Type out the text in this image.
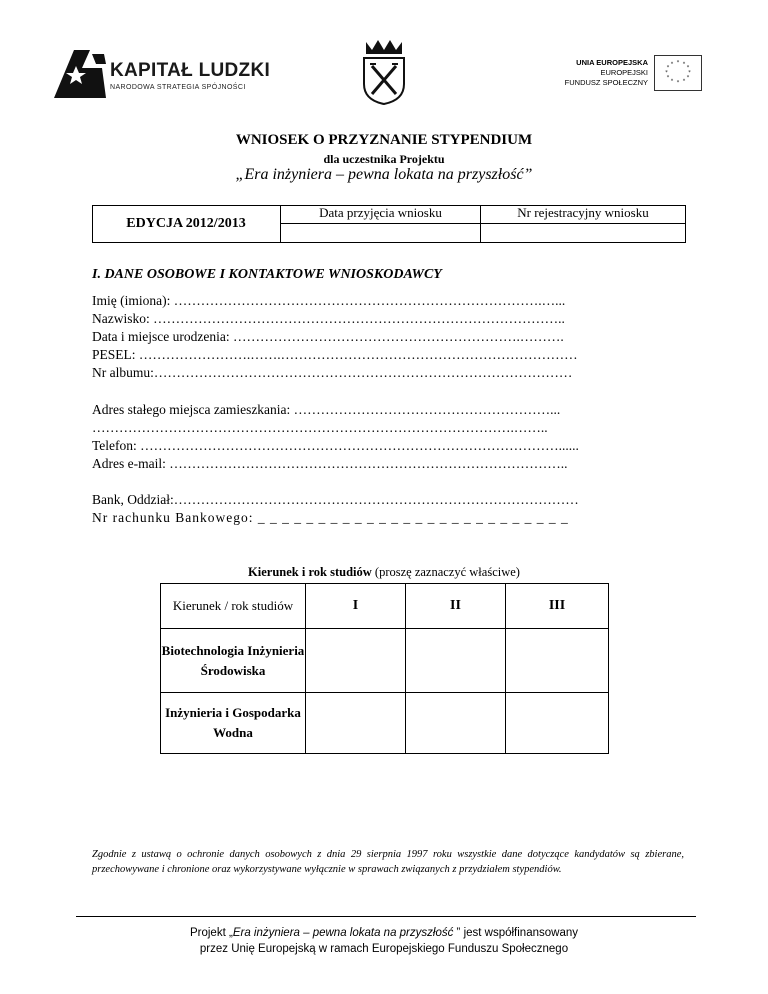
KAPITAŁ LUDZKI
NARODOWA STRATEGIA SPÓJNOŚCI
UNIA EUROPEJSKA
EUROPEJSKI
FUNDUSZ SPOŁECZNY
* *
*
*
*
*
*
*
*
*
*
*
WNIOSEK O PRZYZNANIE STYPENDIUM
dla uczestnika Projektu
„Era inżyniera – pewna lokata na przyszłość”
EDYCJA 2012/2013
Data przyjęcia wniosku	Nr rejestracyjny wniosku
I. DANE OSOBOWE I KONTAKTOWE WNIOSKODAWCY
Imię (imiona): ……………………………………………………………………….…...
Nazwisko: ………………………………………………………………………………..
Data i miejsce urodzenia: ……………………………………………………….……….
PESEL: …………………….…….…………………………………………………………
Nr albumu:…………………………………………………………………………………
Adres stałego miejsca zamieszkania: …………………………………………………...
………………………………………………………………………………….……..
Telefon: …………………………………………………………………………………......
Adres e-mail: ……………………………………………………………………………..
Bank, Oddział:………………………………………………………………………………
Nr rachunku Bankowego: _ _ _ _ _ _ _ _ _ _ _ _ _ _ _ _ _ _ _ _ _ _ _ _ _ _
Kierunek i rok studiów (proszę zaznaczyć właściwe)
Kierunek / rok studiów	I	II	III
Biotechnologia Inżynieria Środowiska			
Inżynieria i Gospodarka Wodna			
Zgodnie z ustawą o ochronie danych osobowych z dnia 29 sierpnia 1997 roku wszystkie dane dotyczące kandydatów są zbierane, przechowywane i chronione oraz wykorzystywane wyłącznie w sprawach związanych z przydziałem stypendiów.
Projekt „Era inżyniera – pewna lokata na przyszłość ” jest współfinansowany
przez Unię Europejską w ramach Europejskiego Funduszu Społecznego
